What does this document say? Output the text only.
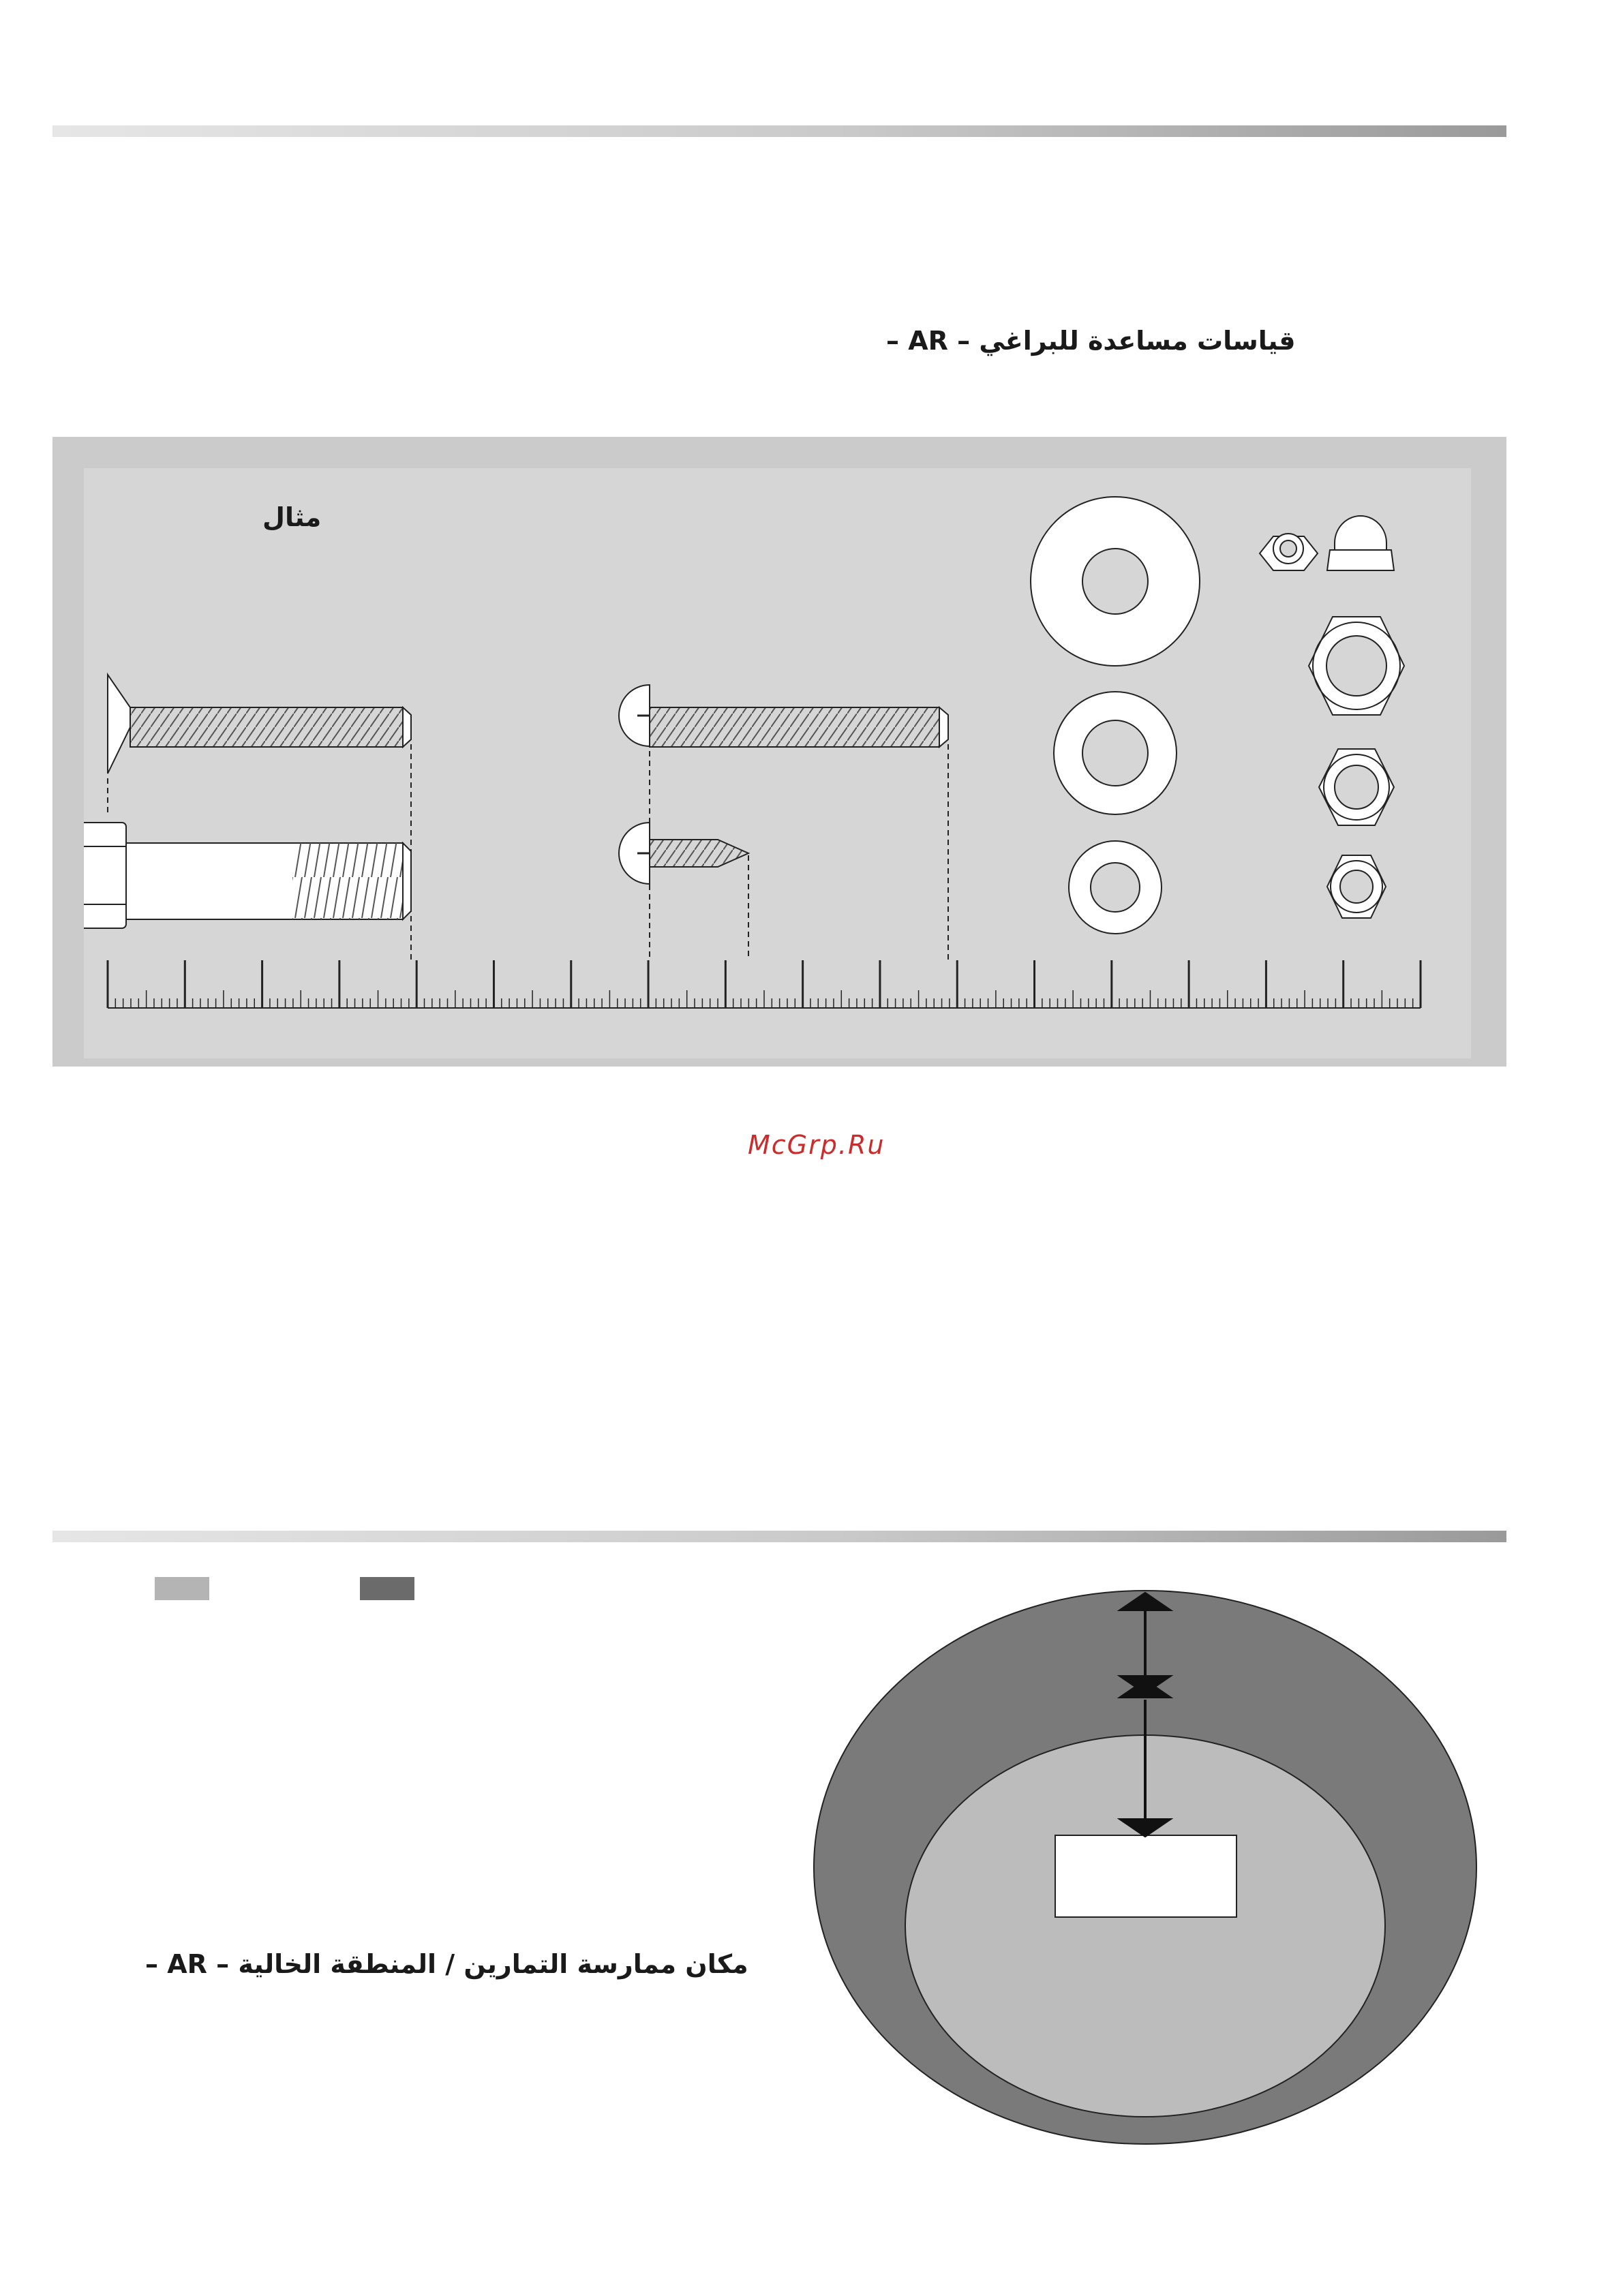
– AR – قياسات مساعدة للبراغي
مثال
McGrp.Ru
– AR – مكان ممارسة التمارين / المنطقة الخالية
